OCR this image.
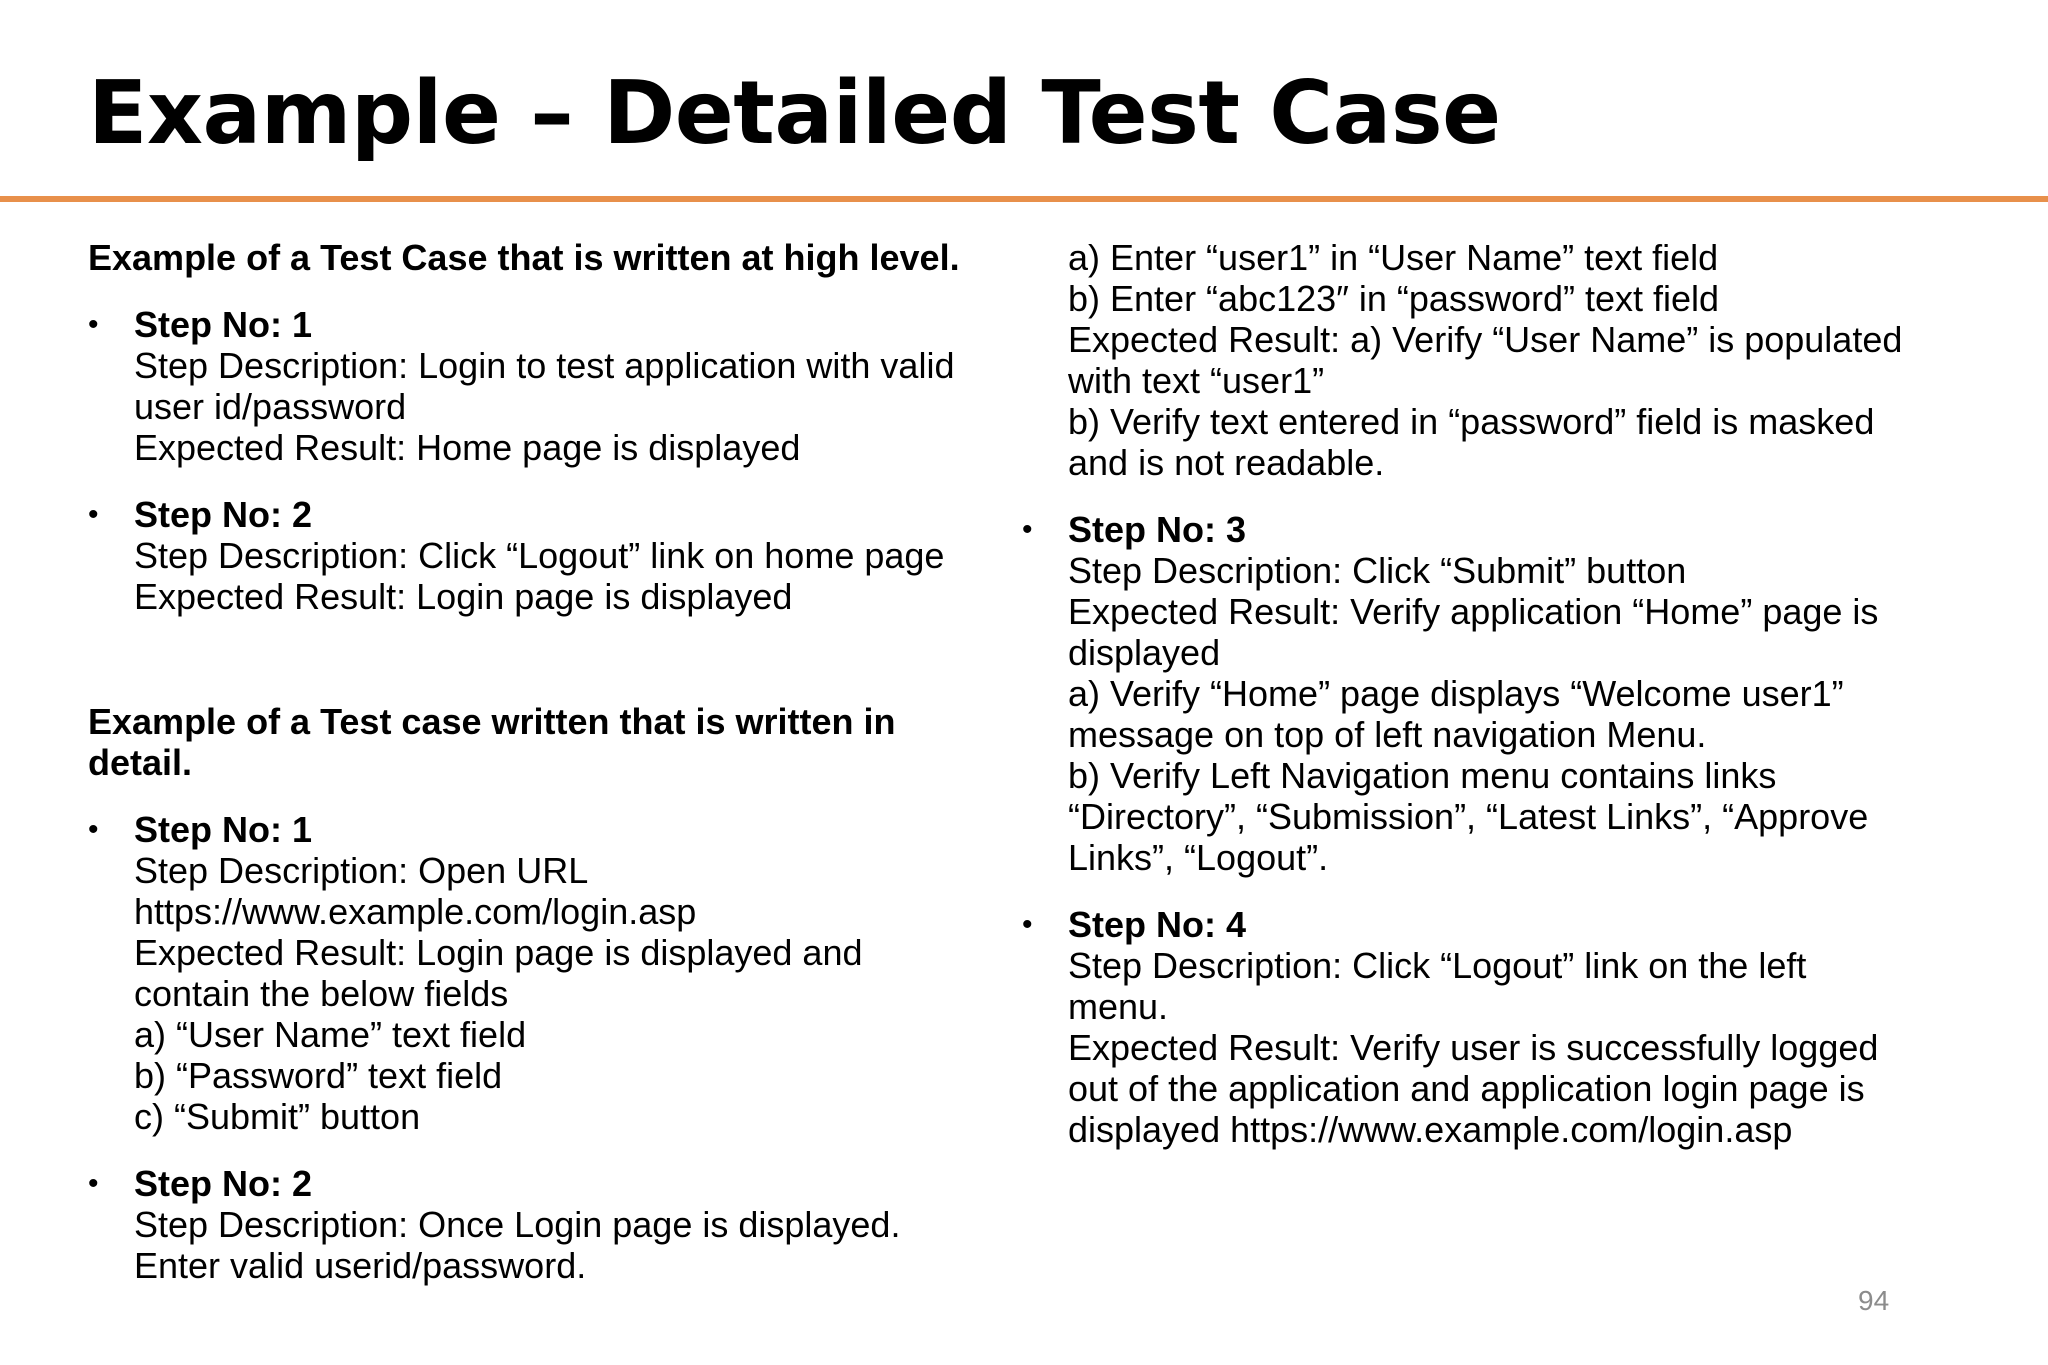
Example – Detailed Test Case

Example of a Test Case that is written at high level.

• Step No: 1
Step Description: Login to test application with valid
user id/password
Expected Result: Home page is displayed
• Step No: 2
Step Description: Click “Logout” link on home page
Expected Result: Login page is displayed

Example of a Test case written that is written in
detail.

• Step No: 1
Step Description: Open URL
https://www.example.com/login.asp
Expected Result: Login page is displayed and
contain the below fields
a) “User Name” text field
b) “Password” text field
c) “Submit” button
• Step No: 2
Step Description: Once Login page is displayed.
Enter valid userid/password.
a) Enter “user1” in “User Name” text field
b) Enter “abc123″ in “password” text field
Expected Result: a) Verify “User Name” is populated
with text “user1”
b) Verify text entered in “password” field is masked
and is not readable.
• Step No: 3
Step Description: Click “Submit” button
Expected Result: Verify application “Home” page is
displayed
a) Verify “Home” page displays “Welcome user1”
message on top of left navigation Menu.
b) Verify Left Navigation menu contains links
“Directory”, “Submission”, “Latest Links”, “Approve
Links”, “Logout”.
• Step No: 4
Step Description: Click “Logout” link on the left
menu.
Expected Result: Verify user is successfully logged
out of the application and application login page is
displayed https://www.example.com/login.asp
94
